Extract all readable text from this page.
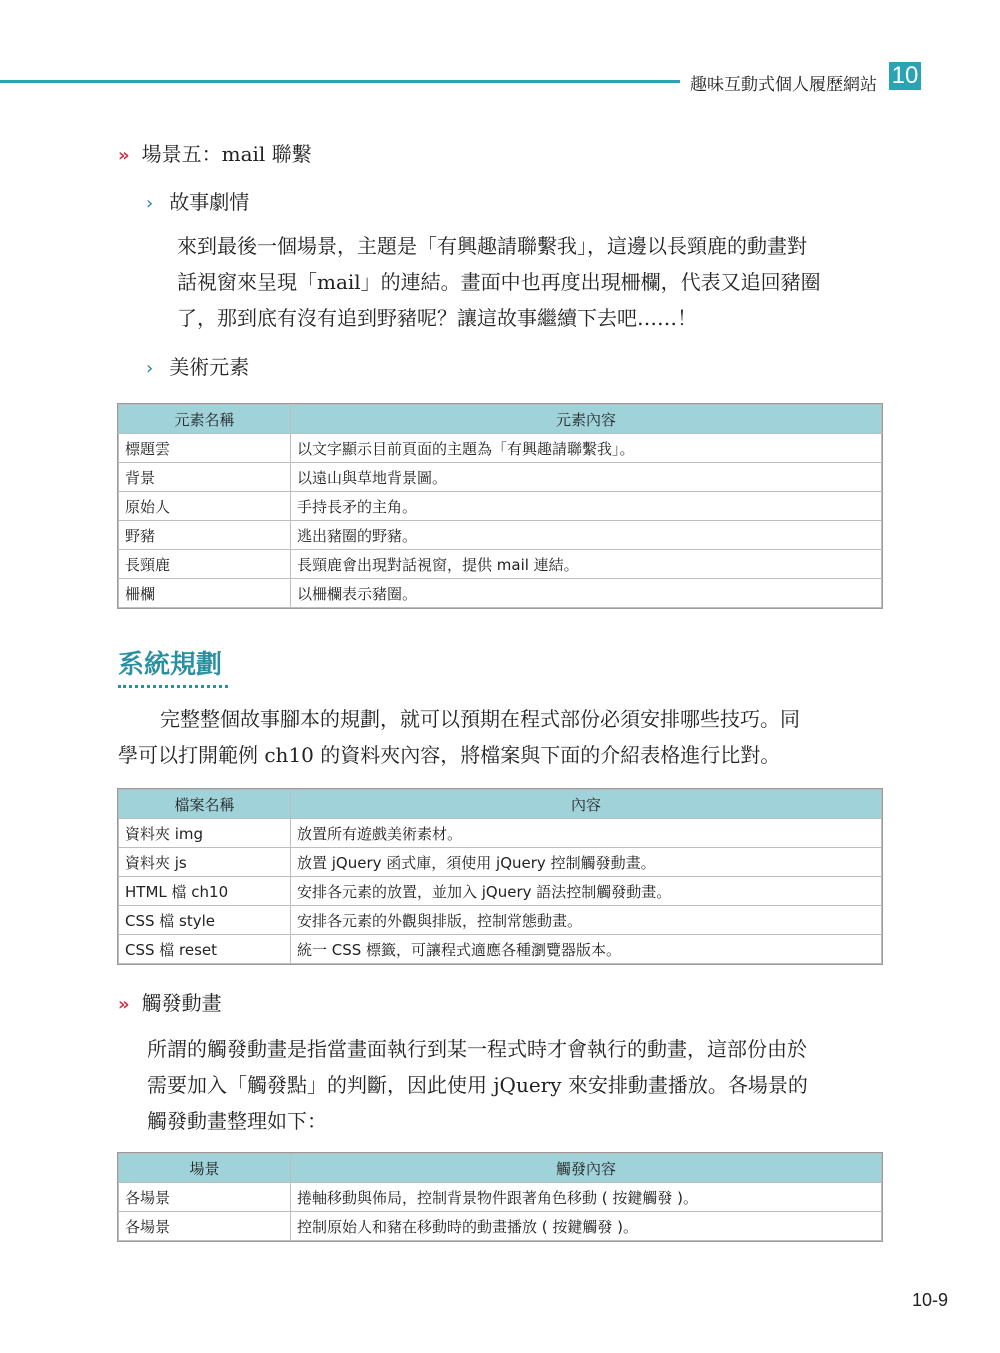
趣味互動式個人履歷網站 10
» 場景五：mail 聯繫
› 故事劇情
來到最後一個場景，主題是「有興趣請聯繫我」，這邊以長頸鹿的動畫對
話視窗來呈現「mail」的連結。畫面中也再度出現柵欄，代表又追回豬圈
了，那到底有沒有追到野豬呢？讓這故事繼續下去吧……！
› 美術元素
元素名稱	元素內容
標題雲	以文字顯示目前頁面的主題為「有興趣請聯繫我」。
背景	以遠山與草地背景圖。
原始人	手持長矛的主角。
野豬	逃出豬圈的野豬。
長頸鹿	長頸鹿會出現對話視窗，提供 mail 連結。
柵欄	以柵欄表示豬圈。
系統規劃
完整整個故事腳本的規劃，就可以預期在程式部份必須安排哪些技巧。同
學可以打開範例 ch10 的資料夾內容，將檔案與下面的介紹表格進行比對。
檔案名稱	內容
資料夾 img	放置所有遊戲美術素材。
資料夾 js	放置 jQuery 函式庫，須使用 jQuery 控制觸發動畫。
HTML 檔 ch10	安排各元素的放置，並加入 jQuery 語法控制觸發動畫。
CSS 檔 style	安排各元素的外觀與排版，控制常態動畫。
CSS 檔 reset	統一 CSS 標籤，可讓程式適應各種瀏覽器版本。
» 觸發動畫
所謂的觸發動畫是指當畫面執行到某一程式時才會執行的動畫，這部份由於
需要加入「觸發點」的判斷，因此使用 jQuery 來安排動畫播放。各場景的
觸發動畫整理如下：
場景	觸發內容
各場景	捲軸移動與佈局，控制背景物件跟著角色移動 ( 按鍵觸發 )。
各場景	控制原始人和豬在移動時的動畫播放 ( 按鍵觸發 )。
10-9
